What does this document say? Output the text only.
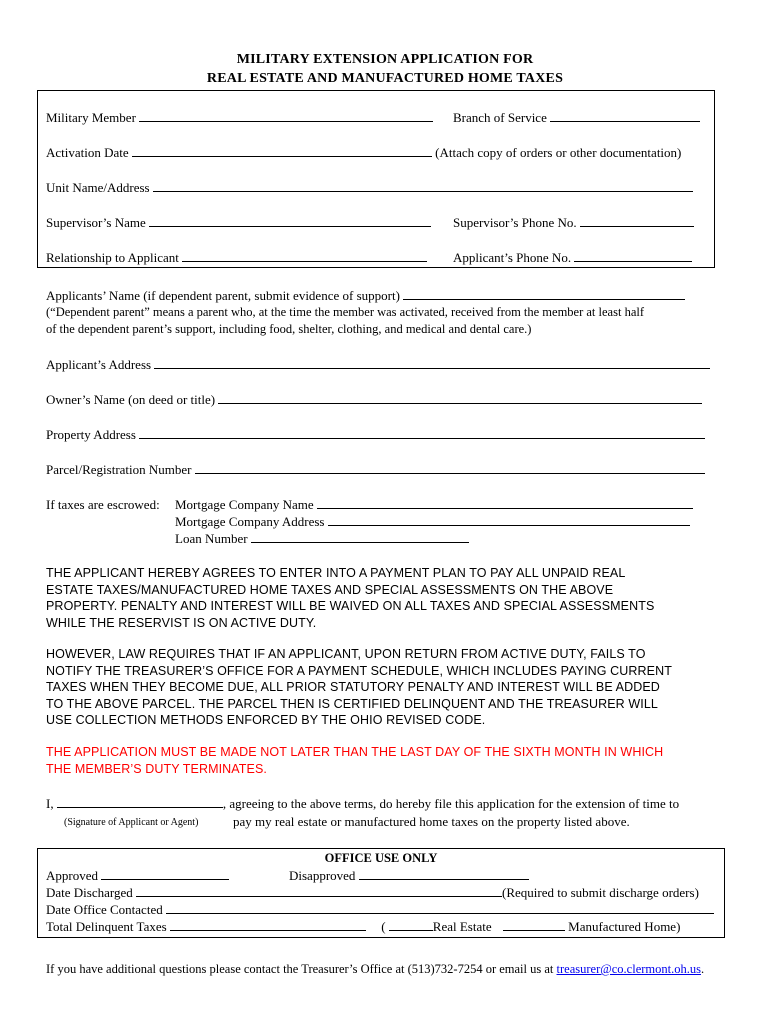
MILITARY EXTENSION APPLICATION FOR
REAL ESTATE AND MANUFACTURED HOME TAXES
Military Member	Branch of Service
Activation Date	(Attach copy of orders or other documentation)
Unit Name/Address
Supervisor’s Name	Supervisor’s Phone No.
Relationship to Applicant	Applicant’s Phone No.
Applicants’ Name (if dependent parent, submit evidence of support)
(“Dependent parent” means a parent who, at the time the member was activated, received from the member at least half
of the dependent parent’s support, including food, shelter, clothing, and medical and dental care.)
Applicant’s Address
Owner’s Name (on deed or title)
Property Address
Parcel/Registration Number
If taxes are escrowed: Mortgage Company Name
Mortgage Company Address
Loan Number
THE APPLICANT HEREBY AGREES TO ENTER INTO A PAYMENT PLAN TO PAY ALL UNPAID REAL
ESTATE TAXES/MANUFACTURED HOME TAXES AND SPECIAL ASSESSMENTS ON THE ABOVE
PROPERTY. PENALTY AND INTEREST WILL BE WAIVED ON ALL TAXES AND SPECIAL ASSESSMENTS
WHILE THE RESERVIST IS ON ACTIVE DUTY.
HOWEVER, LAW REQUIRES THAT IF AN APPLICANT, UPON RETURN FROM ACTIVE DUTY, FAILS TO
NOTIFY THE TREASURER’S OFFICE FOR A PAYMENT SCHEDULE, WHICH INCLUDES PAYING CURRENT
TAXES WHEN THEY BECOME DUE, ALL PRIOR STATUTORY PENALTY AND INTEREST WILL BE ADDED
TO THE ABOVE PARCEL. THE PARCEL THEN IS CERTIFIED DELINQUENT AND THE TREASURER WILL
USE COLLECTION METHODS ENFORCED BY THE OHIO REVISED CODE.
THE APPLICATION MUST BE MADE NOT LATER THAN THE LAST DAY OF THE SIXTH MONTH IN WHICH
THE MEMBER’S DUTY TERMINATES.
I,	, agreeing to the above terms, do hereby file this application for the extension of time to
(Signature of Applicant or Agent)	pay my real estate or manufactured home taxes on the property listed above.
OFFICE USE ONLY
Approved	Disapproved
Date Discharged	(Required to submit discharge orders)
Date Office Contacted
Total Delinquent Taxes	(	Real Estate	Manufactured Home)
If you have additional questions please contact the Treasurer’s Office at (513)732-7254 or email us at treasurer@co.clermont.oh.us.
